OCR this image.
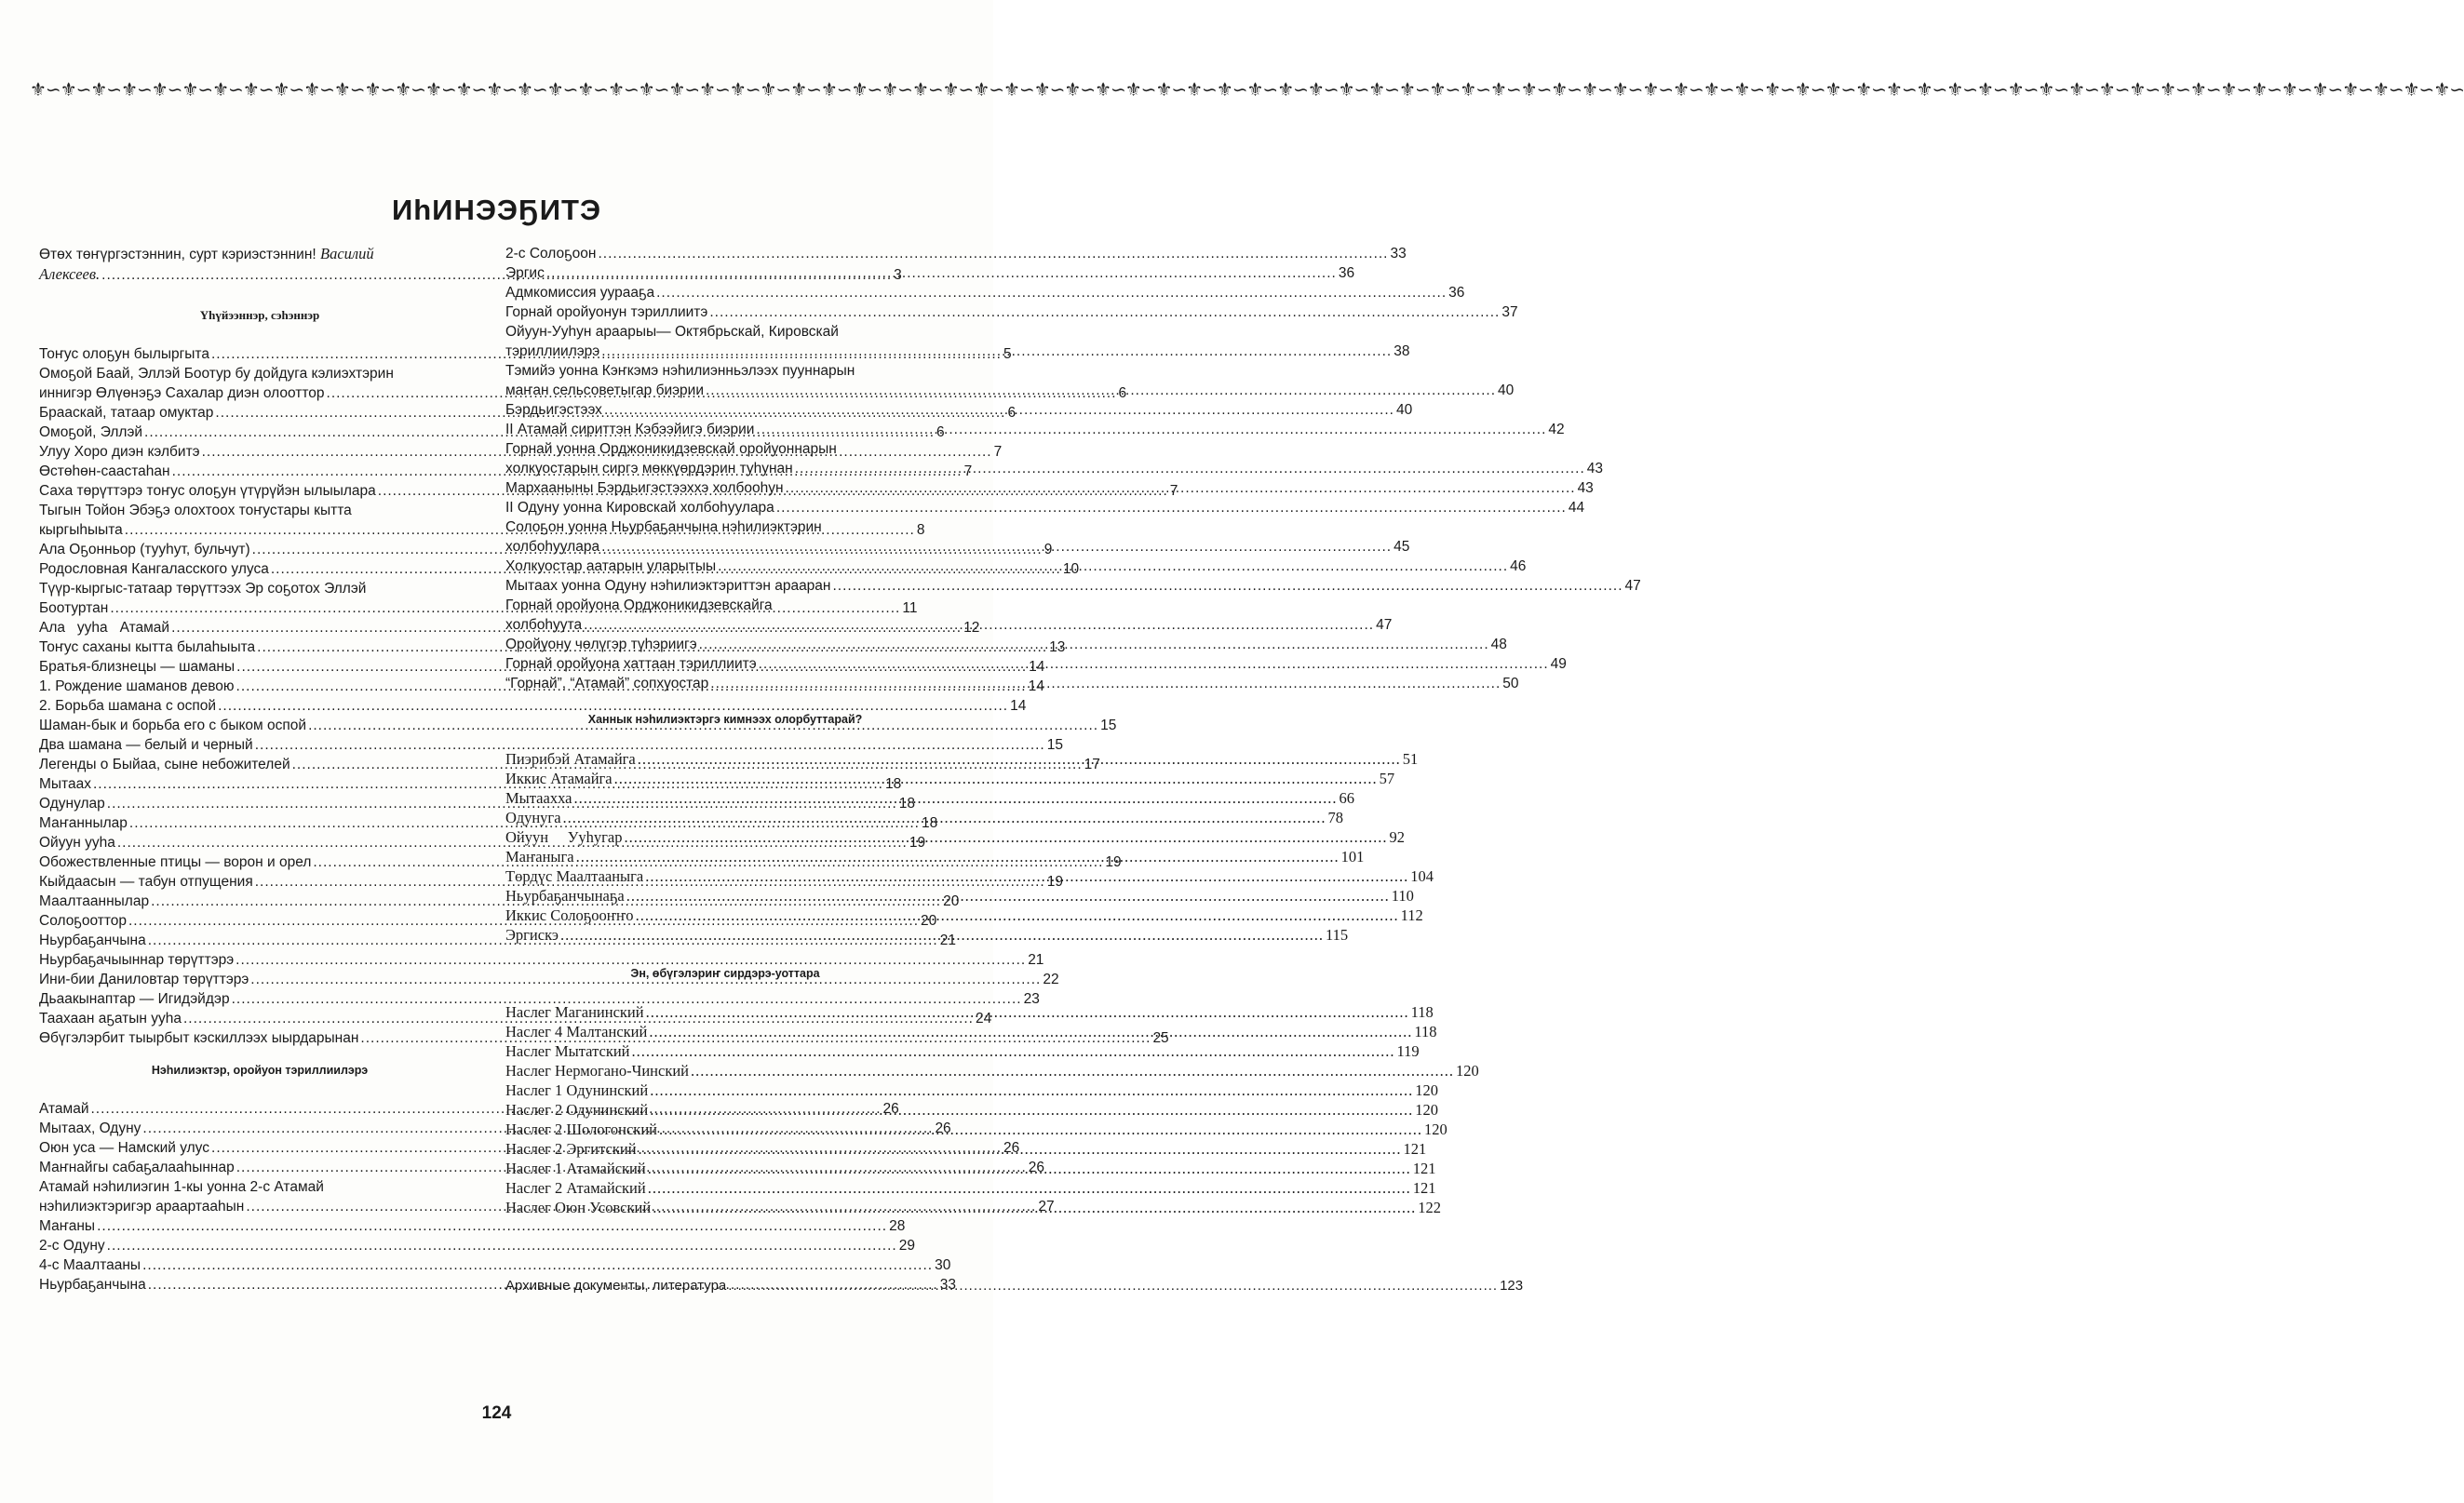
⚜∽⚜∽⚜∽⚜∽⚜∽⚜∽⚜∽⚜∽⚜∽⚜∽⚜∽⚜∽⚜∽⚜∽⚜∽⚜∽⚜∽⚜∽⚜∽⚜∽⚜∽⚜∽⚜∽⚜∽⚜∽⚜∽⚜∽⚜∽⚜∽⚜∽⚜∽⚜∽⚜∽⚜∽⚜∽⚜∽⚜∽⚜∽⚜∽⚜∽⚜∽⚜∽⚜∽⚜∽⚜∽⚜∽⚜∽⚜∽⚜∽⚜∽⚜∽⚜∽⚜∽⚜∽⚜∽⚜∽⚜∽⚜∽⚜∽⚜∽⚜∽⚜∽⚜∽⚜∽⚜∽⚜∽⚜∽⚜∽⚜∽⚜∽⚜∽⚜∽⚜∽⚜∽⚜∽⚜∽⚜∽⚜∽⚜∽⚜∽
ИhИНЭЭҔИТЭ
Өтөх төҥүргэстэннин, сурт кэриэстэннин! Василий
Алексеев. .....	3
Үhүйээннэр, сэhэннэр
Тоҥус олоҕун былыргыта .....	5
Омоҕой Баай, Эллэй Боотур бу дойдуга кэлиэхтэрин
иннигэр Өлүөнэҕэ Сахалар диэн олооттор .....	6
Брааскай, татаар омуктар .....	6
Омоҕой, Эллэй .....	6
Улуу Хоро диэн кэлбитэ .....	7
Өстөhөн-саастаhан .....	7
Саха төрүттэрэ тоҥус олоҕун үтүрүйэн ылыылара .....	7
Тыгын Тойон Эбэҕэ олохтоох тоҥустары кытта
кыргыhыыта .....	8
Ала Оҕонньор (тууhут, бульчут) .....	9
Родословная Кангаласского улуса .....	10
Түүр-кыргыс-татаар төрүттээх Эр соҕотох Эллэй
Боотуртан .....	11
Ала   ууhа   Атамай .....	12
Тоҥус саханы кытта былаhыыта .....	13
Братья-близнецы — шаманы .....	14
1. Рождение шаманов девою .....	14
2. Борьба шамана с оспой .....	14
Шаман-бык и борьба его с быком оспой .....	15
Два шамана — белый и черный .....	15
Легенды о Быйаа, сыне небожителей .....	17
Мытаах .....	18
Одунулар .....	18
Маҥаннылар .....	18
Ойуун ууhа .....	19
Обожествленные птицы — ворон и орел .....	19
Кыйдаасын — табун отпущения .....	19
Маалтааннылар .....	20
Солоҕооттор .....	20
Ньурбаҕанчына .....	21
Ньурбаҕачыыннар төрүттэрэ .....	21
Ини-бии Даниловтар төрүттэрэ .....	22
Дьаакынаптар — Игидэйдэр .....	23
Таахаан аҕатын ууhа .....	24
Өбүгэлэрбит тыырбыт кэскиллээх ыырдарынан .....	25
Нэhилиэктэр, оройуон тэриллиилэрэ
Атамай .....	26
Мытаах, Одуну .....	26
Оюн уса — Намский улус .....	26
Маҥнайгы сабаҕалааhыннар .....	26
Атамай нэhилиэгин 1-кы уонна 2-с Атамай
нэhилиэктэригэр араартааhын .....	27
Маҥаны .....	28
2-с Одуну .....	29
4-с Маалтааны .....	30
Ньурбаҕанчына .....	33
2-с Солоҕоон .....	33
Эргис .....	36
Адмкомиссия уурааҕа .....	36
Горнай оройуонун тэриллиитэ .....	37
Ойуун-Ууhун араарыы— Октябрьскай, Кировскай
тэриллиилэрэ .....	38
Тэмийэ уонна Кэҥкэмэ нэhилиэнньэлээх пууннарын
маҥан сельсоветыгар биэрии .....	40
Бэрдьигэстээх .....	40
II Атамай сириттэн Кэбээйигэ биэрии .....	42
Горнай уонна Орджоникидзевскай оройуоннарын
холкуостарын сиргэ мөккүөрдэрин туhунан .....	43
Мархааныны Бэрдьигэстээххэ холбооhун .....	43
II Одуну уонна Кировскай холбоhуулара .....	44
Солоҕон уонна Ньурбаҕанчына нэhилиэктэрин
холбоhуулара .....	45
Холкуостар аатарын уларытыы .....	46
Мытаах уонна Одуну нэhилиэктэриттэн арааран .....	47
Горнай оройуона Орджоникидзевскайга
холбоhуута .....	47
Оройуону чөлүгэр түhэриигэ .....	48
Горнай оройуона хаттаан тэриллиитэ .....	49
“Горнай”, “Атамай” сопхуостар .....	50
Ханнык нэhилиэктэргэ кимнээх олорбуттарай?
Пиэрибэй Атамайга .....	51
Иккис Атамайга .....	57
Мытаахха .....	66
Одунуга .....	78
Ойуун     Ууhугар .....	92
Маҥаныга .....	101
Төрдүс Маалтааныга .....	104
Ньурбаҕанчынаҕа .....	110
Иккис Солоҕооҥҥо .....	112
Эргискэ .....	115
Эн, өбүгэлэриҥ сирдэрэ-уоттара
Наслег Маганинский .....	118
Наслег 4 Малтанский .....	118
Наслег Мытатский .....	119
Наслег Нермогано-Чинский .....	120
Наслег 1 Одунинский .....	120
Наслег 2 Одунинский .....	120
Наслег 2 Шологонский .....	120
Наслег 2 Эргитский .....	121
Наслег 1 Атамайский .....	121
Наслег 2 Атамайский .....	121
Наслег Оюн Усовский .....	122
Архивные документы, литература .....	123
124
